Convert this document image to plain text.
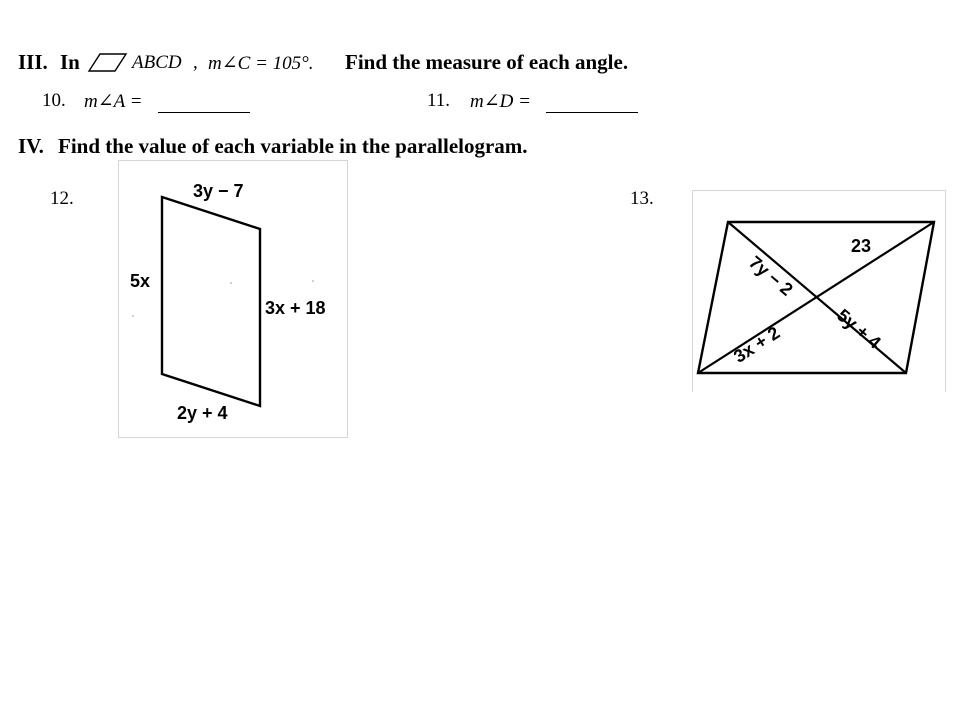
III. In	ABCD , m∠C = 105°. Find the measure of each angle.
10. m∠A =	11. m∠D =
IV. Find the value of each variable in the parallelogram.
12.	3y − 7
5x
3x + 18
2y + 4
13.
7y − 2
23
3x + 2	5y + 4
